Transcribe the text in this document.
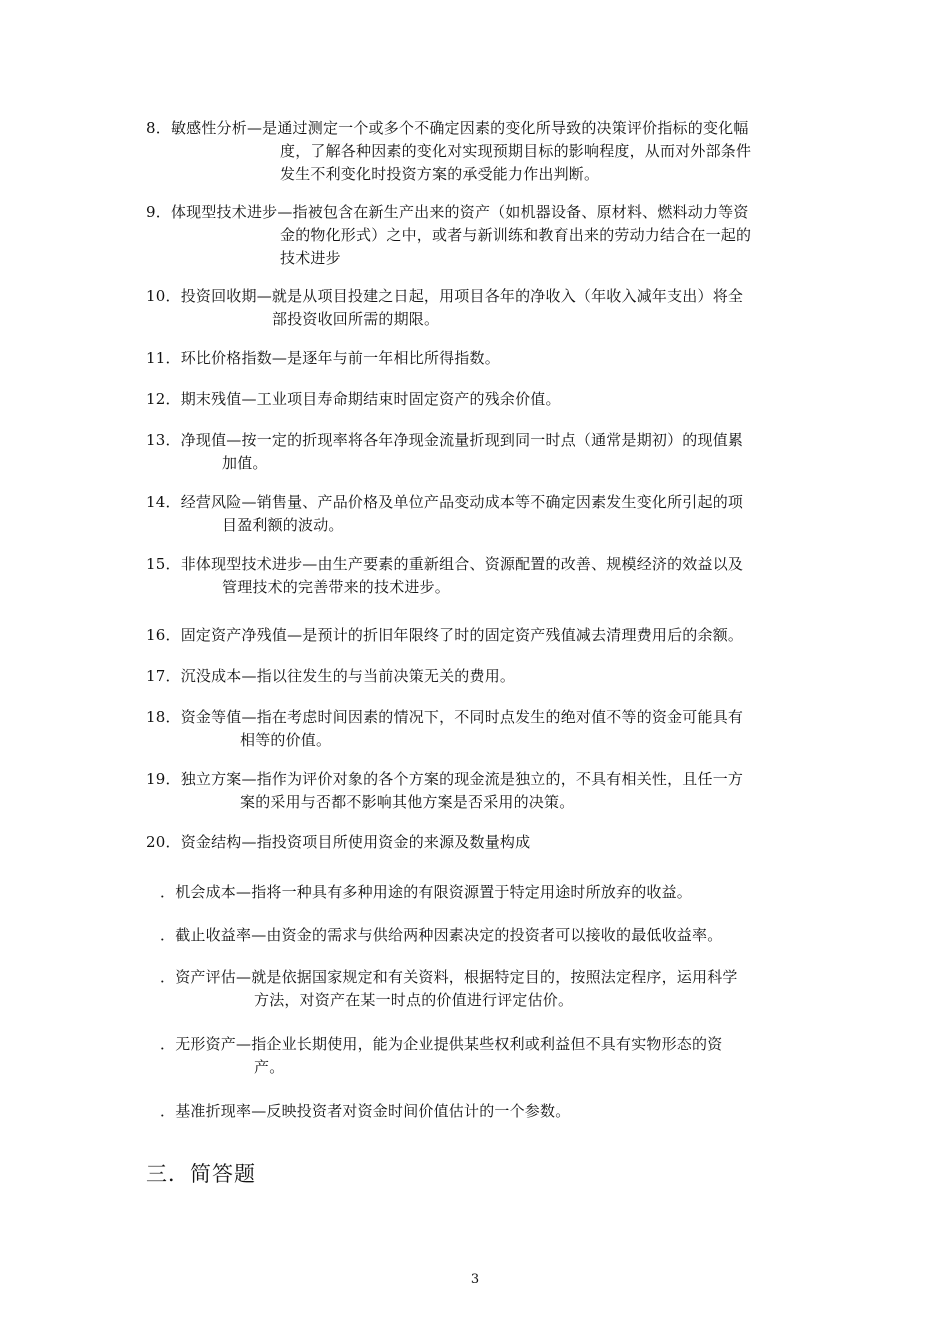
8．敏感性分析—是通过测定一个或多个不确定因素的变化所导致的决策评价指标的变化幅
度，了解各种因素的变化对实现预期目标的影响程度，从而对外部条件
发生不利变化时投资方案的承受能力作出判断。
9．体现型技术进步—指被包含在新生产出来的资产（如机器设备、原材料、燃料动力等资
金的物化形式）之中，或者与新训练和教育出来的劳动力结合在一起的
技术进步
10．投资回收期—就是从项目投建之日起，用项目各年的净收入（年收入减年支出）将全
部投资收回所需的期限。
11．环比价格指数—是逐年与前一年相比所得指数。
12．期末残值—工业项目寿命期结束时固定资产的残余价值。
13．净现值—按一定的折现率将各年净现金流量折现到同一时点（通常是期初）的现值累
加值。
14．经营风险—销售量、产品价格及单位产品变动成本等不确定因素发生变化所引起的项
目盈利额的波动。
15．非体现型技术进步—由生产要素的重新组合、资源配置的改善、规模经济的效益以及
管理技术的完善带来的技术进步。
16．固定资产净残值—是预计的折旧年限终了时的固定资产残值减去清理费用后的余额。
17．沉没成本—指以往发生的与当前决策无关的费用。
18．资金等值—指在考虑时间因素的情况下，不同时点发生的绝对值不等的资金可能具有
相等的价值。
19．独立方案—指作为评价对象的各个方案的现金流是独立的，不具有相关性，且任一方
案的采用与否都不影响其他方案是否采用的决策。
20．资金结构—指投资项目所使用资金的来源及数量构成
．机会成本—指将一种具有多种用途的有限资源置于特定用途时所放弃的收益。
．截止收益率—由资金的需求与供给两种因素决定的投资者可以接收的最低收益率。
．资产评估—就是依据国家规定和有关资料，根据特定目的，按照法定程序，运用科学
方法，对资产在某一时点的价值进行评定估价。
．无形资产—指企业长期使用，能为企业提供某些权利或利益但不具有实物形态的资
产。
．基准折现率—反映投资者对资金时间价值估计的一个参数。
三．简答题
3
